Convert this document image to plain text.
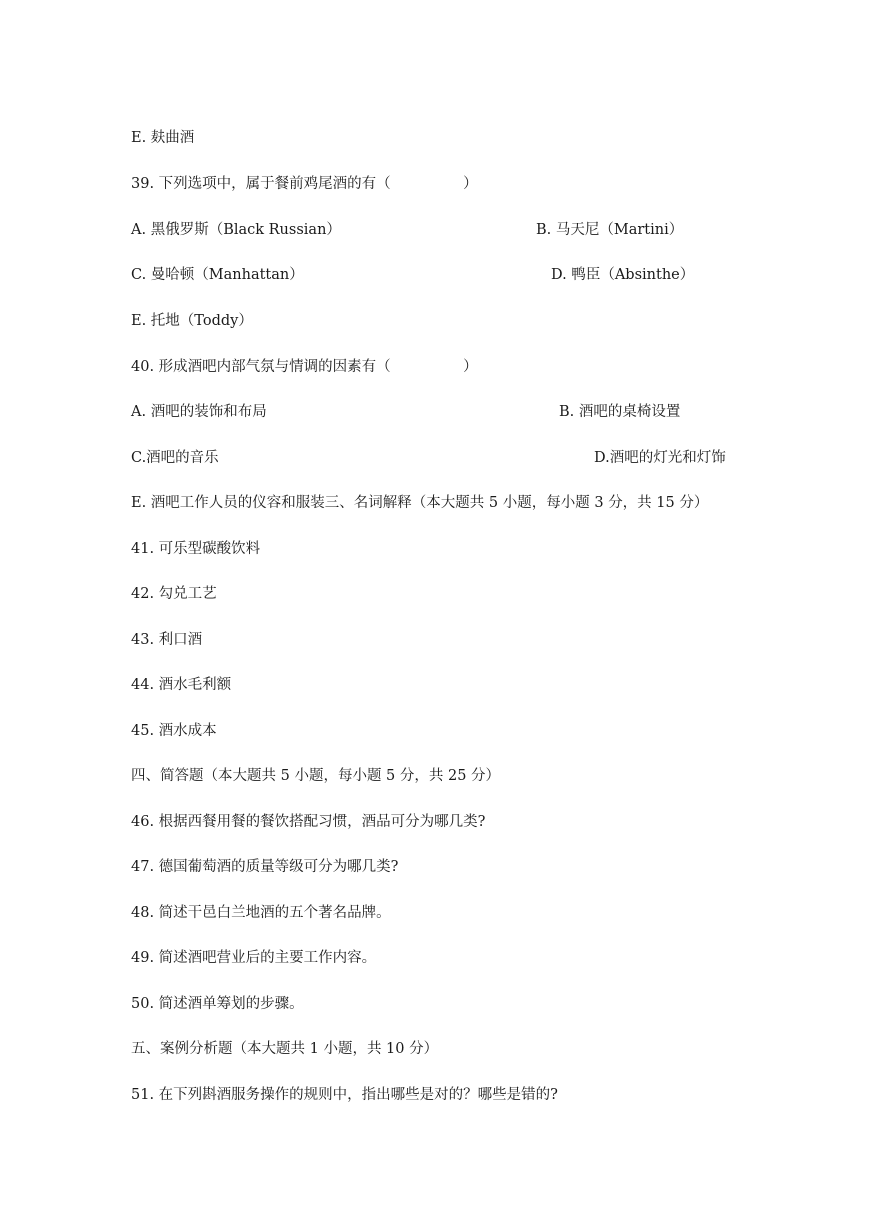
E. 麸曲酒
39. 下列选项中，属于餐前鸡尾酒的有（　　　　　）
A. 黑俄罗斯（Black Russian）	B. 马天尼（Martini）
C. 曼哈顿（Manhattan）	D. 鸭臣（Absinthe）
E. 托地（Toddy）
40. 形成酒吧内部气氛与情调的因素有（　　　　　）
A. 酒吧的装饰和布局	B. 酒吧的桌椅设置
C.酒吧的音乐	D.酒吧的灯光和灯饰
E. 酒吧工作人员的仪容和服装三、名词解释（本大题共 5 小题，每小题 3 分，共 15 分）
41. 可乐型碳酸饮料
42. 勾兑工艺
43. 利口酒
44. 酒水毛利额
45. 酒水成本
四、简答题（本大题共 5 小题，每小题 5 分，共 25 分）
46. 根据西餐用餐的餐饮搭配习惯，酒品可分为哪几类?
47. 德国葡萄酒的质量等级可分为哪几类?
48. 简述干邑白兰地酒的五个著名品牌。
49. 简述酒吧营业后的主要工作内容。
50. 简述酒单筹划的步骤。
五、案例分析题（本大题共 1 小题，共 10 分）
51. 在下列斟酒服务操作的规则中，指出哪些是对的？哪些是错的?
